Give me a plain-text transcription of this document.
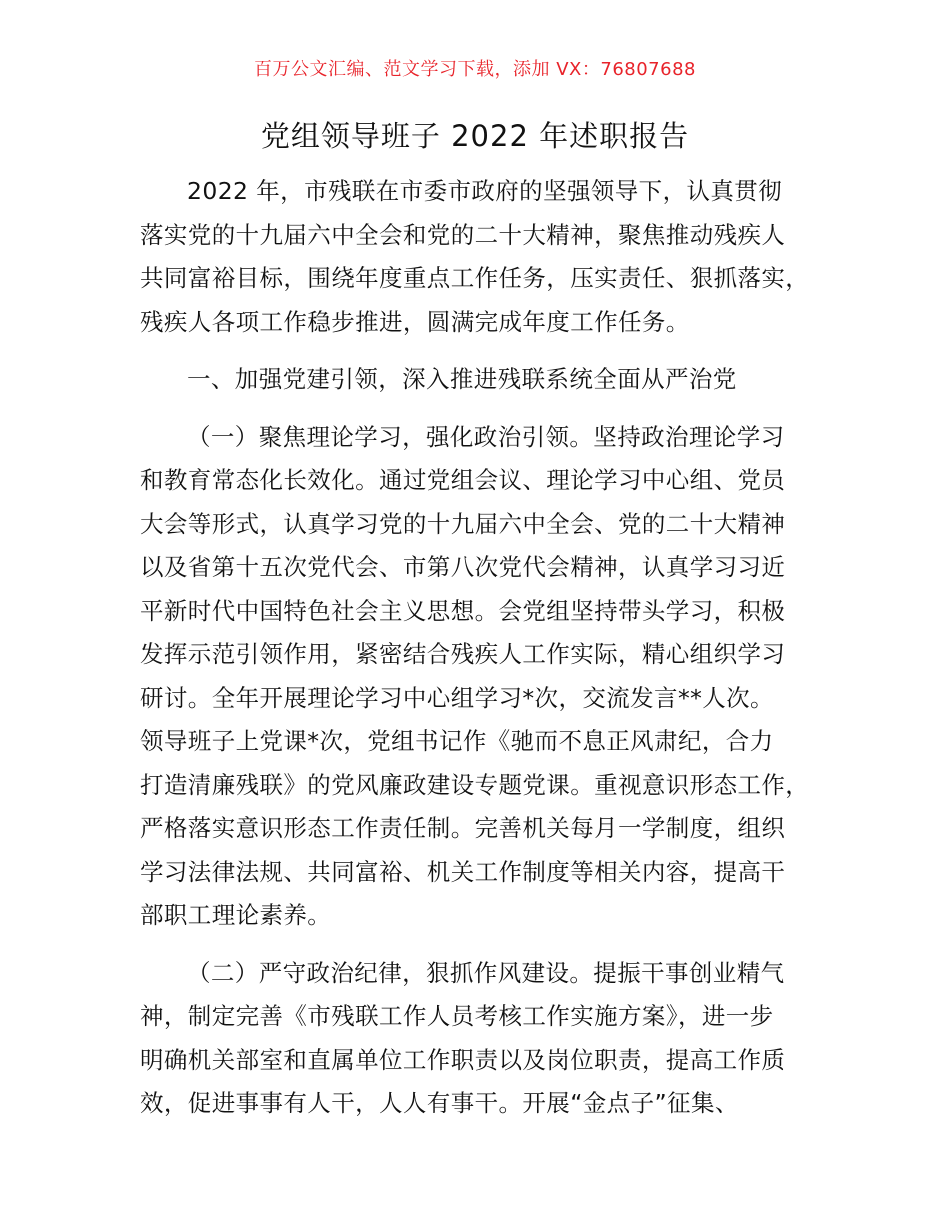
百万公文汇编、范文学习下载，添加 VX：76807688
党组领导班子 2022 年述职报告
2022 年，市残联在市委市政府的坚强领导下，认真贯彻
落实党的十九届六中全会和党的二十大精神，聚焦推动残疾人
共同富裕目标，围绕年度重点工作任务，压实责任、狠抓落实，
残疾人各项工作稳步推进，圆满完成年度工作任务。
一、加强党建引领，深入推进残联系统全面从严治党
（一）聚焦理论学习，强化政治引领。坚持政治理论学习
和教育常态化长效化。通过党组会议、理论学习中心组、党员
大会等形式，认真学习党的十九届六中全会、党的二十大精神
以及省第十五次党代会、市第八次党代会精神，认真学习习近
平新时代中国特色社会主义思想。会党组坚持带头学习，积极
发挥示范引领作用，紧密结合残疾人工作实际，精心组织学习
研讨。全年开展理论学习中心组学习*次，交流发言**人次。
领导班子上党课*次，党组书记作《驰而不息正风肃纪，合力
打造清廉残联》的党风廉政建设专题党课。重视意识形态工作，
严格落实意识形态工作责任制。完善机关每月一学制度，组织
学习法律法规、共同富裕、机关工作制度等相关内容，提高干
部职工理论素养。
（二）严守政治纪律，狠抓作风建设。提振干事创业精气
神，制定完善《市残联工作人员考核工作实施方案》，进一步
明确机关部室和直属单位工作职责以及岗位职责，提高工作质
效，促进事事有人干，人人有事干。开展“金点子”征集、
